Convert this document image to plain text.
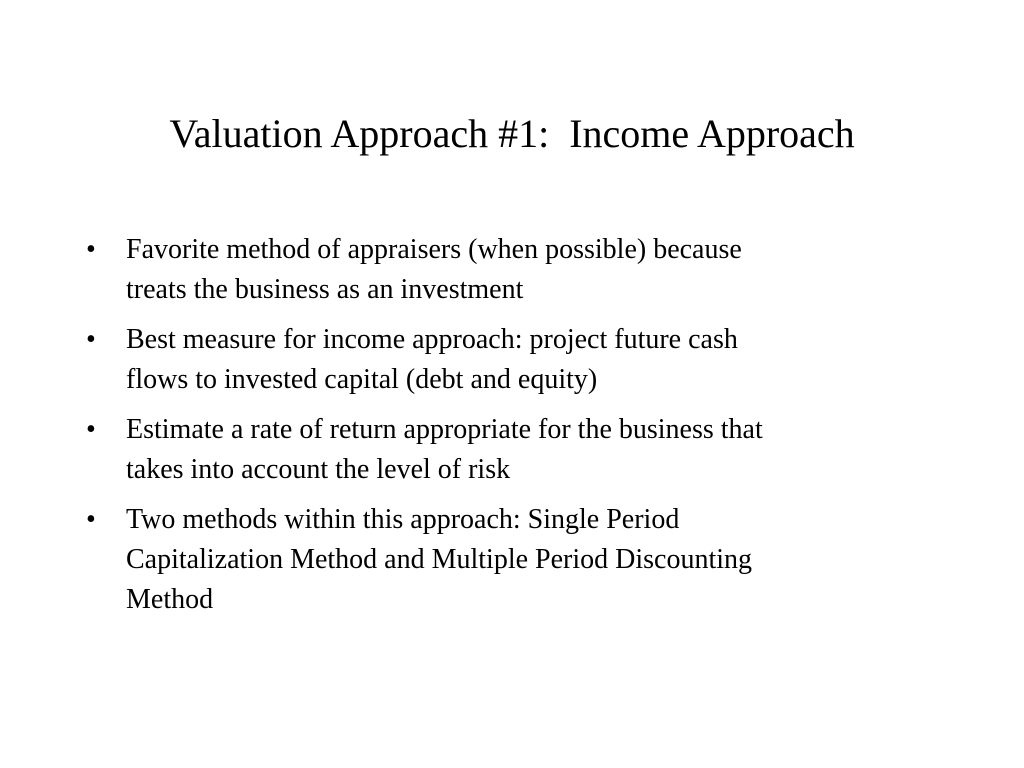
Valuation Approach #1:  Income Approach
•	Favorite method of appraisers (when possible) because
treats the business as an investment
•	Best measure for income approach: project future cash
flows to invested capital (debt and equity)
•	Estimate a rate of return appropriate for the business that
takes into account the level of risk
•	Two methods within this approach: Single Period
Capitalization Method and Multiple Period Discounting
Method
